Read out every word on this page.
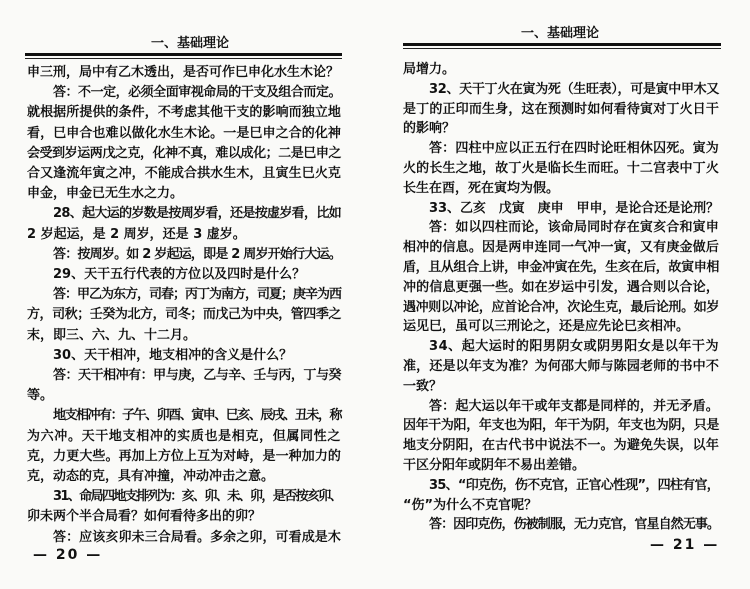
一、基础理论
申三刑，局中有乙木透出，是否可作巳申化水生木论？
答：不一定，必须全面审视命局的干支及组合而定。
就根据所提供的条件，不考虑其他干支的影响而独立地
看，巳申合也难以做化水生木论。一是巳申之合的化神
会受到岁运两戊之克，化神不真，难以成化；二是巳申之
合又逢流年寅之冲，不能成合拱水生木，且寅生巳火克
申金，申金已无生水之力。
28、起大运的岁数是按周岁看，还是按虚岁看，比如
2 岁起运，是 2 周岁，还是 3 虚岁。
答：按周岁。如 2 岁起运，即是 2 周岁开始行大运。
29、天干五行代表的方位以及四时是什么？
答：甲乙为东方，司春；丙丁为南方，司夏；庚辛为西
方，司秋；壬癸为北方，司冬；而戊己为中央，管四季之
末，即三、六、九、十二月。
30、天干相冲，地支相冲的含义是什么？
答：天干相冲有：甲与庚，乙与辛、壬与丙，丁与癸
等。
地支相冲有：子午、卯酉、寅申、巳亥、辰戌、丑未，称
为六冲。天干地支相冲的实质也是相克，但属同性之
克，力更大些。再加上方位上互为对峙，是一种加力的
克，动态的克，具有冲撞，冲动冲击之意。
31、命局四地支排列为：亥、卯、未、卯，是否按亥卯、
卯未两个半合局看？如何看待多出的卯？
答：应该亥卯未三合局看。多余之卯，可看成是木
— 20 —
一、基础理论
局增力。
32、天干丁火在寅为死（生旺表），可是寅中甲木又
是丁的正印而生身，这在预测时如何看待寅对丁火日干
的影响？
答：四柱中应以正五行在四时论旺相休囚死。寅为
火的长生之地，故丁火是临长生而旺。十二宫表中丁火
长生在酉，死在寅均为假。
33、乙亥　戊寅　庚申　甲申，是论合还是论刑？
答：如以四柱而论，该命局同时存在寅亥合和寅申
相冲的信息。因是两申连同一气冲一寅，又有庚金做后
盾，且从组合上讲，申金冲寅在先，生亥在后，故寅申相
冲的信息更强一些。如在岁运中引发，遇合则以合论，
遇冲则以冲论，应首论合冲，次论生克，最后论刑。如岁
运见巳，虽可以三刑论之，还是应先论巳亥相冲。
34、起大运时的阳男阴女或阴男阳女是以年干为
准，还是以年支为准？为何邵大师与陈园老师的书中不
一致？
答：起大运以年干或年支都是同样的，并无矛盾。
因年干为阳，年支也为阳，年干为阴，年支也为阴，只是
地支分阴阳，在古代书中说法不一。为避免失误，以年
干区分阳年或阴年不易出差错。
35、“印克伤，伤不克官，正官心性现”，四柱有官，
“伤”为什么不克官呢？
答：因印克伤，伤被制服，无力克官，官星自然无事。
— 21 —
